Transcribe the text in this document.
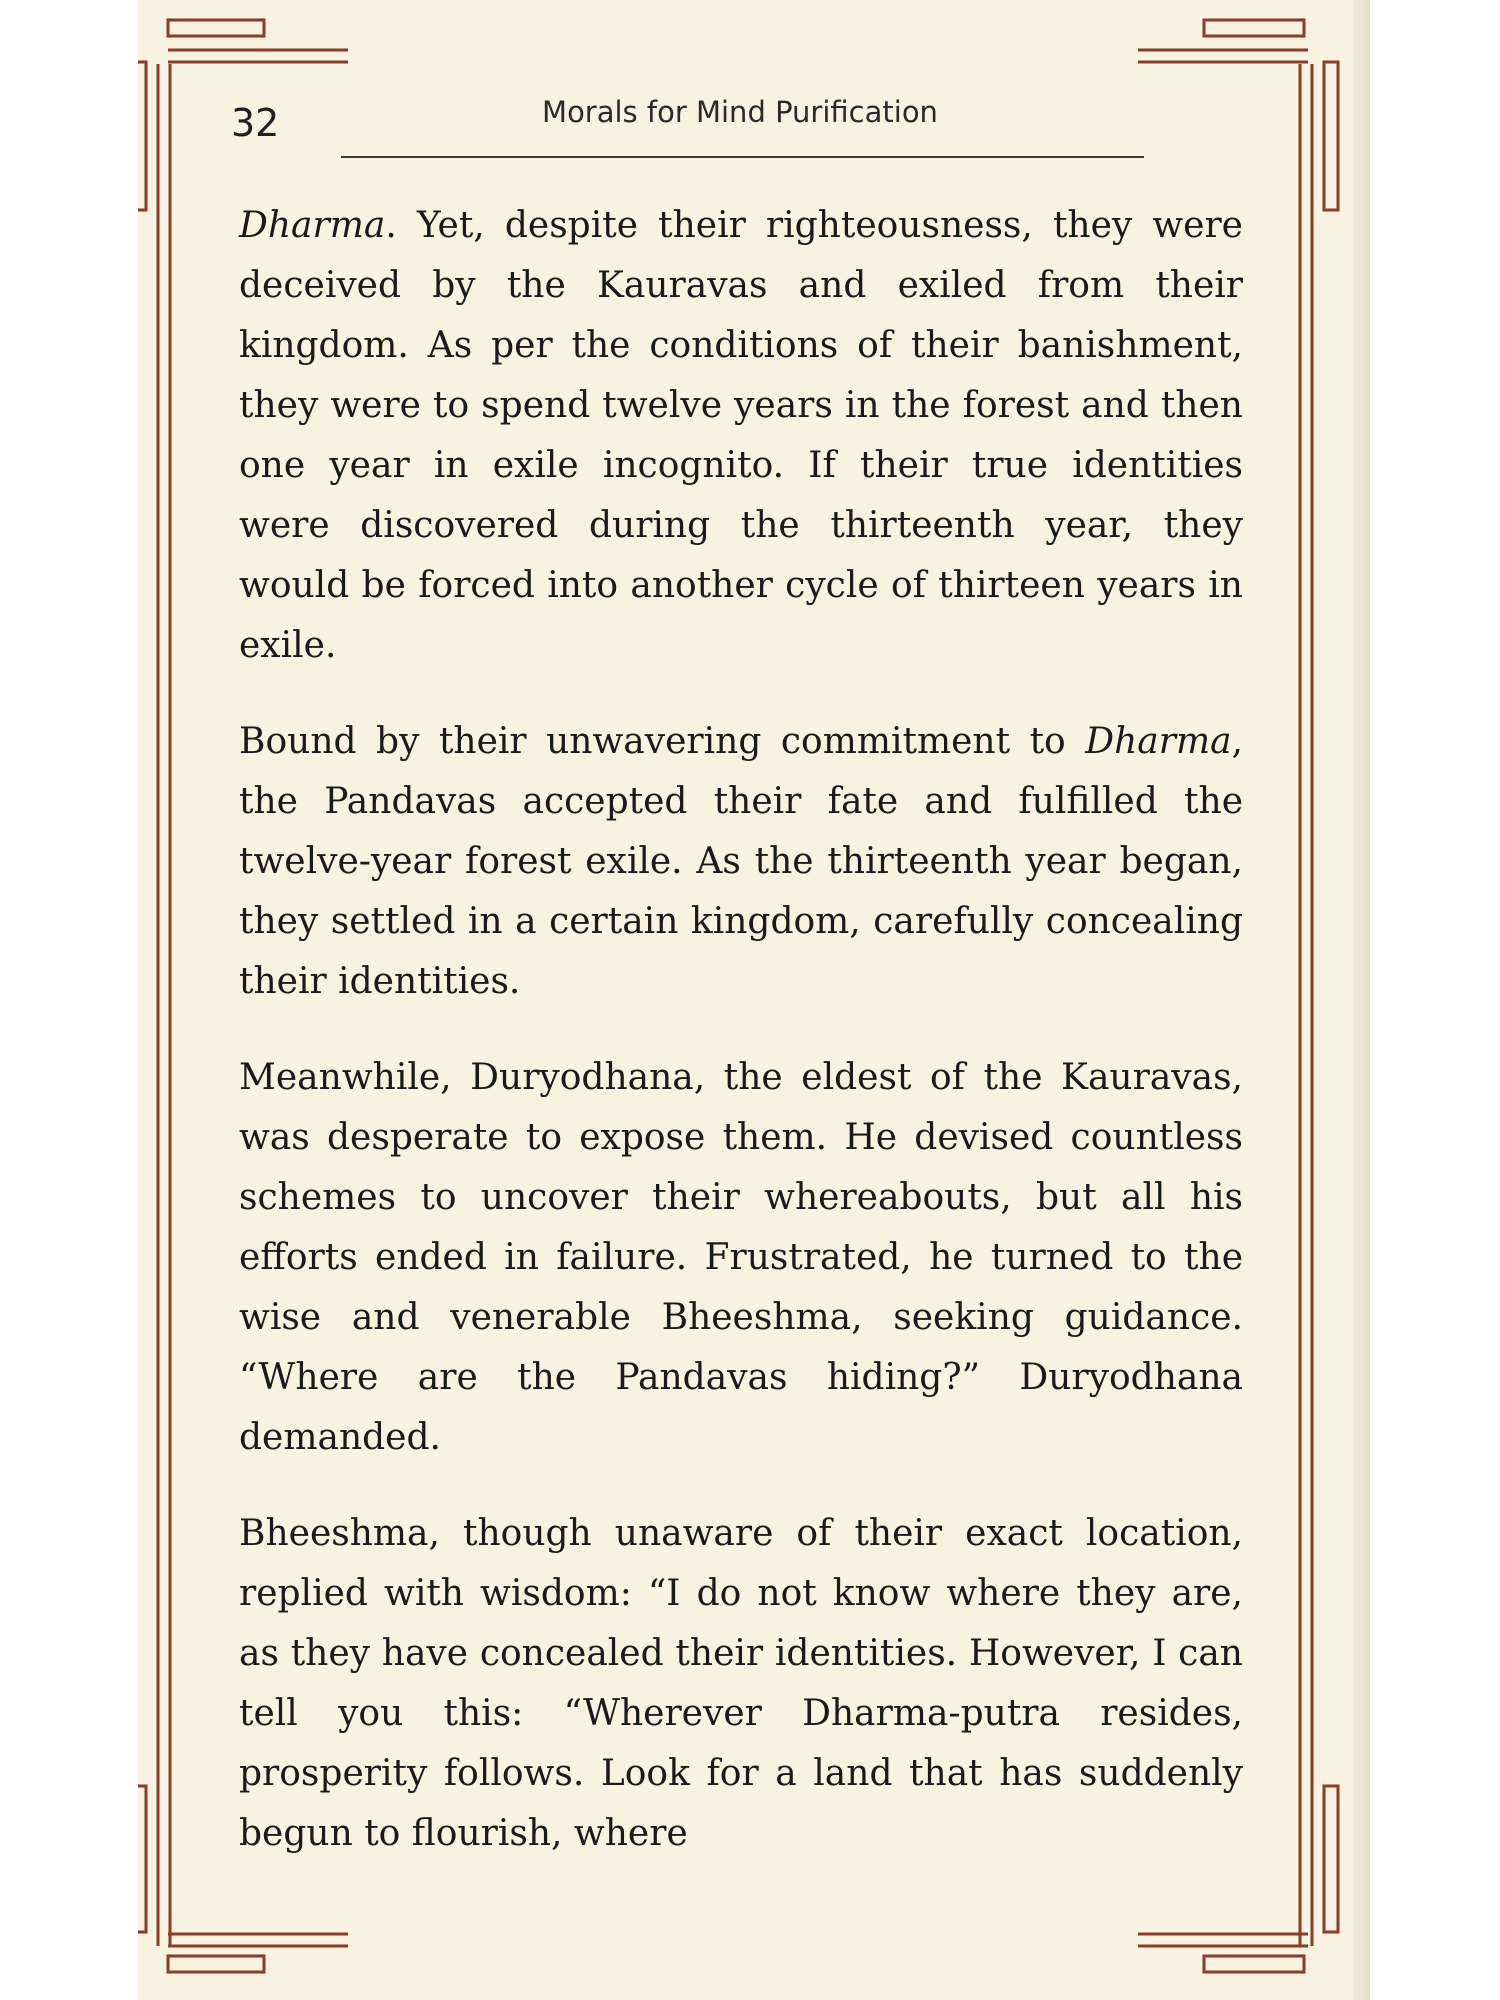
32	Morals for Mind Purification

Dharma. Yet, despite their righteousness, they were deceived by the Kauravas and exiled from their kingdom. As per the conditions of their banishment, they were to spend twelve years in the forest and then one year in exile incognito. If their true identities were discovered during the thirteenth year, they would be forced into another cycle of thirteen years in exile.

Bound by their unwavering commitment to Dharma, the Pandavas accepted their fate and fulfilled the twelve-year forest exile. As the thirteenth year began, they settled in a certain kingdom, carefully concealing their identities.

Meanwhile, Duryodhana, the eldest of the Kauravas, was desperate to expose them. He devised countless schemes to uncover their whereabouts, but all his efforts ended in failure. Frustrated, he turned to the wise and venerable Bheeshma, seeking guidance. “Where are the Pandavas hiding?” Duryodhana demanded.

Bheeshma, though unaware of their exact location, replied with wisdom: “I do not know where they are, as they have concealed their identities. However, I can tell you this: “Wherever Dharma-putra resides, prosperity follows. Look for a land that has suddenly begun to flourish, where
